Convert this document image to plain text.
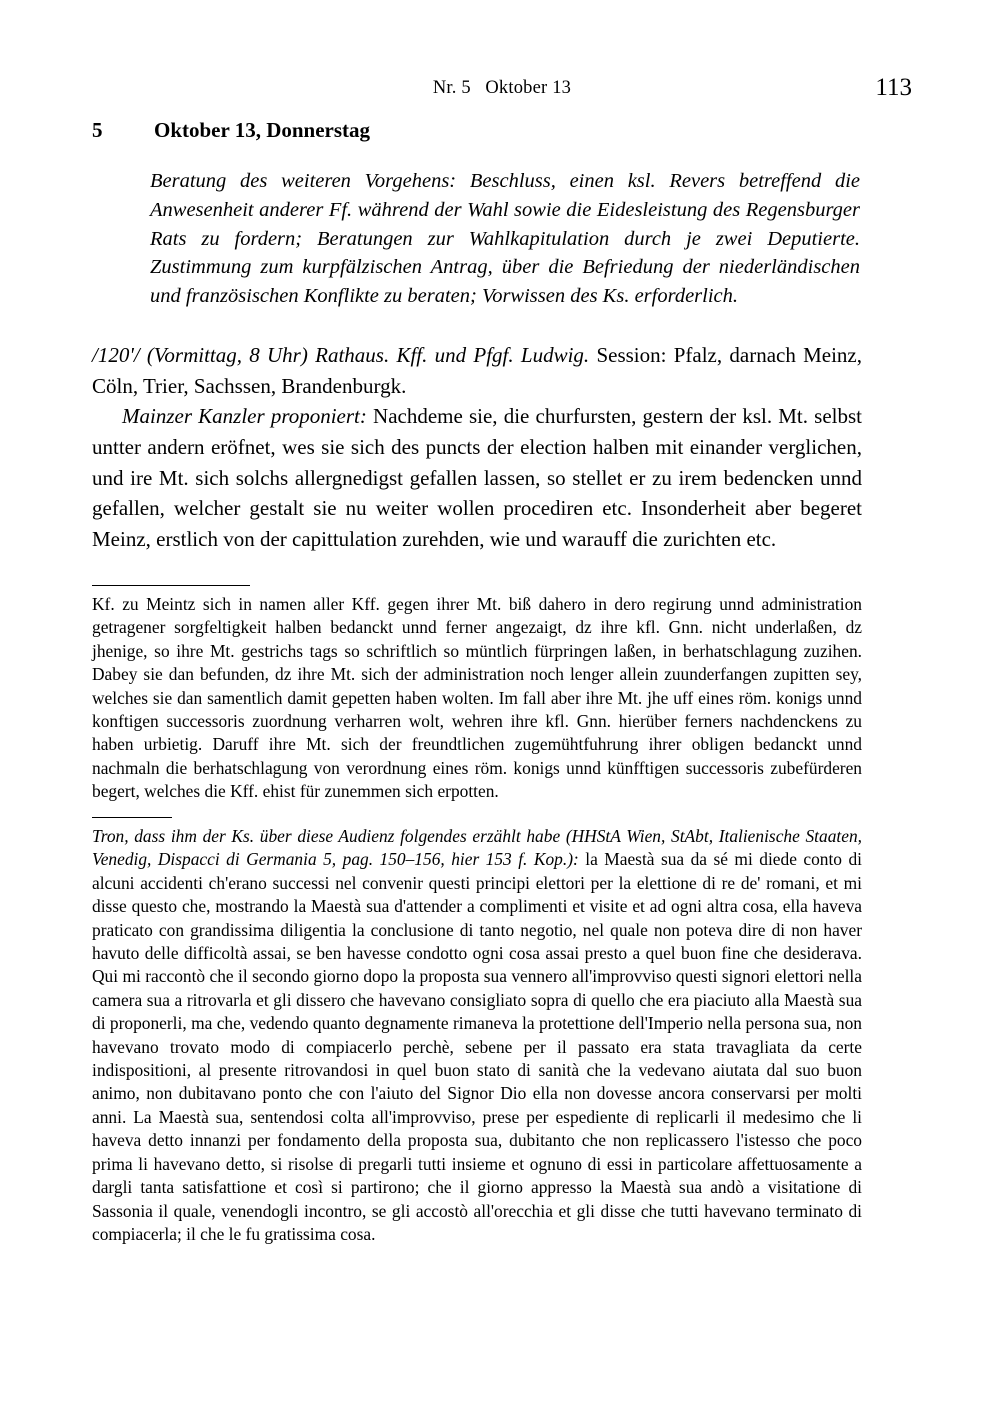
Nr. 5   Oktober 13	113
5 Oktober 13, Donnerstag
Beratung des weiteren Vorgehens: Beschluss, einen ksl. Revers betreffend die Anwesenheit anderer Ff. während der Wahl sowie die Eidesleistung des Regensburger Rats zu fordern; Beratungen zur Wahlkapitulation durch je zwei Deputierte. Zustimmung zum kurpfälzischen Antrag, über die Befriedung der niederländischen und französischen Konflikte zu beraten; Vorwissen des Ks. erforderlich.

/120'/ (Vormittag, 8 Uhr) Rathaus. Kff. und Pfgf. Ludwig. Session: Pfalz, darnach Meinz, Cöln, Trier, Sachssen, Brandenburgk.

Mainzer Kanzler proponiert: Nachdeme sie, die churfursten, gestern der ksl. Mt. selbst untter andern eröfnet, wes sie sich des puncts der election halben mit einander verglichen, und ire Mt. sich solchs allergnedigst gefallen lassen, so stellet er zu irem bedencken unnd gefallen, welcher gestalt sie nu weiter wollen procediren etc. Insonderheit aber begeret Meinz, erstlich von der capittulation zurehden, wie und warauff die zurichten etc.

Kf. zu Meintz sich in namen aller Kff. gegen ihrer Mt. biß dahero in dero regirung unnd administration getragener sorgfeltigkeit halben bedanckt unnd ferner angezaigt, dz ihre kfl. Gnn. nicht underlaßen, dz jhenige, so ihre Mt. gestrichs tags so schriftlich so müntlich fürpringen laßen, in berhatschlagung zuzihen. Dabey sie dan befunden, dz ihre Mt. sich der administration noch lenger allein zuunderfangen zupitten sey, welches sie dan samentlich damit gepetten haben wolten. Im fall aber ihre Mt. jhe uff eines röm. konigs unnd konftigen successoris zuordnung verharren wolt, wehren ihre kfl. Gnn. hierüber ferners nachdenckens zu haben urbietig. Daruff ihre Mt. sich der freundtlichen zugemühtfuhrung ihrer obligen bedanckt unnd nachmaln die berhatschlagung von verordnung eines röm. konigs unnd künfftigen successoris zubefürderen begert, welches die Kff. ehist für zunemmen sich erpotten.

Tron, dass ihm der Ks. über diese Audienz folgendes erzählt habe (HHStA Wien, StAbt, Italienische Staaten, Venedig, Dispacci di Germania 5, pag. 150–156, hier 153 f. Kop.): la Maestà sua da sé mi diede conto di alcuni accidenti ch'erano successi nel convenir questi principi elettori per la elettione di re de' romani, et mi disse questo che, mostrando la Maestà sua d'attender a complimenti et visite et ad ogni altra cosa, ella haveva praticato con grandissima diligentia la conclusione di tanto negotio, nel quale non poteva dire di non haver havuto delle difficoltà assai, se ben havesse condotto ogni cosa assai presto a quel buon fine che desiderava. Qui mi raccontò che il secondo giorno dopo la proposta sua vennero all'improvviso questi signori elettori nella camera sua a ritrovarla et gli dissero che havevano consigliato sopra di quello che era piaciuto alla Maestà sua di proponerli, ma che, vedendo quanto degnamente rimaneva la protettione dell'Imperio nella persona sua, non havevano trovato modo di compiacerlo perchè, sebene per il passato era stata travagliata da certe indispositioni, al presente ritrovandosi in quel buon stato di sanità che la vedevano aiutata dal suo buon animo, non dubitavano ponto che con l'aiuto del Signor Dio ella non dovesse ancora conservarsi per molti anni. La Maestà sua, sentendosi colta all'improvviso, prese per espediente di replicarli il medesimo che li haveva detto innanzi per fondamento della proposta sua, dubitanto che non replicassero l'istesso che poco prima li havevano detto, si risolse di pregarli tutti insieme et ognuno di essi in particolare affettuosamente a dargli tanta satisfattione et così si partirono; che il giorno appresso la Maestà sua andò a visitatione di Sassonia il quale, venendogli incontro, se gli accostò all'orecchia et gli disse che tutti havevano terminato di compiacerla; il che le fu gratissima cosa.
